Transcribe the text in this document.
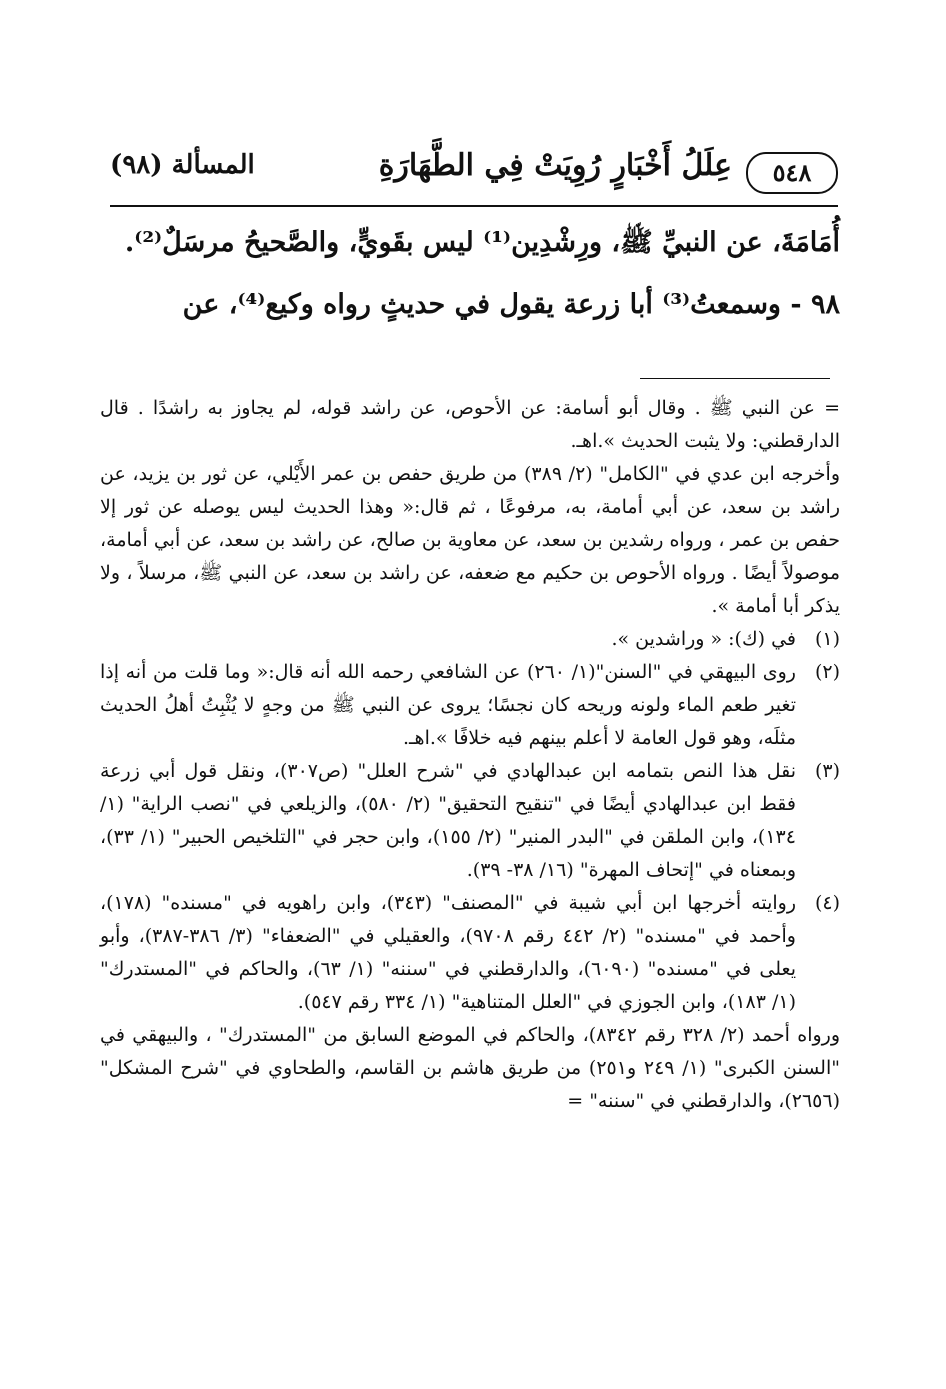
٥٤٨
عِلَلُ أَخْبَارٍ رُوِيَتْ فِي الطَّهَارَةِ
المسألة (٩٨)

أُمَامَةَ، عن النبيِّ ﷺ، ورِشْدِين⁽¹⁾ ليس بقَويٍّ، والصَّحيحُ مرسَلٌ⁽²⁾.

٩٨ - وسمعتُ⁽³⁾ أبا زرعة يقول في حديثٍ رواه وكيع⁽⁴⁾، عن

= عن النبي ﷺ . وقال أبو أسامة: عن الأحوص، عن راشد قوله، لم يجاوز به راشدًا . قال الدارقطني: ولا يثبت الحديث ».اهـ.

وأخرجه ابن عدي في "الكامل" (٢/ ٣٨٩) من طريق حفص بن عمر الأَيْلي، عن ثور بن يزيد، عن راشد بن سعد، عن أبي أمامة، به، مرفوعًا ، ثم قال:« وهذا الحديث ليس يوصله عن ثور إلا حفص بن عمر ، ورواه رشدين بن سعد، عن معاوية بن صالح، عن راشد بن سعد، عن أبي أمامة، موصولاً أيضًا . ورواه الأحوص بن حكيم مع ضعفه، عن راشد بن سعد، عن النبي ﷺ، مرسلاً ، ولا يذكر أبا أمامة ».

(١)
في (ك): « وراشدين ».
(٢)
روى البيهقي في "السنن"(١/ ٢٦٠) عن الشافعي رحمه الله أنه قال:« وما قلت من أنه إذا تغير طعم الماء ولونه وريحه كان نجسًا؛ يروى عن النبي ﷺ من وجهٍ لا يُثْبِتُ أهلُ الحديث مثلَه، وهو قول العامة لا أعلم بينهم فيه خلافًا ».اهـ.
(٣)
نقل هذا النص بتمامه ابن عبدالهادي في "شرح العلل" (ص٣٠٧)، ونقل قول أبي زرعة فقط ابن عبدالهادي أيضًا في "تنقيح التحقيق" (٢/ ٥٨٠)، والزيلعي في "نصب الراية" (١/ ١٣٤)، وابن الملقن في "البدر المنير" (٢/ ١٥٥)، وابن حجر في "التلخيص الحبير" (١/ ٣٣)، وبمعناه في "إتحاف المهرة" (١٦/ ٣٨- ٣٩).
(٤)
روايته أخرجها ابن أبي شيبة في "المصنف" (٣٤٣)، وابن راهويه في "مسنده" (١٧٨)، وأحمد في "مسنده" (٢/ ٤٤٢ رقم ٩٧٠٨)، والعقيلي في "الضعفاء" (٣/ ٣٨٦-٣٨٧)، وأبو يعلى في "مسنده" (٦٠٩٠)، والدارقطني في "سننه" (١/ ٦٣)، والحاكم في "المستدرك" (١/ ١٨٣)، وابن الجوزي في "العلل المتناهية" (١/ ٣٣٤ رقم ٥٤٧).

ورواه أحمد (٢/ ٣٢٨ رقم ٨٣٤٢)، والحاكم في الموضع السابق من "المستدرك" ، والبيهقي في "السنن الكبرى" (١/ ٢٤٩ و٢٥١) من طريق هاشم بن القاسم، والطحاوي في "شرح المشكل" (٢٦٥٦)، والدارقطني في "سننه" =
